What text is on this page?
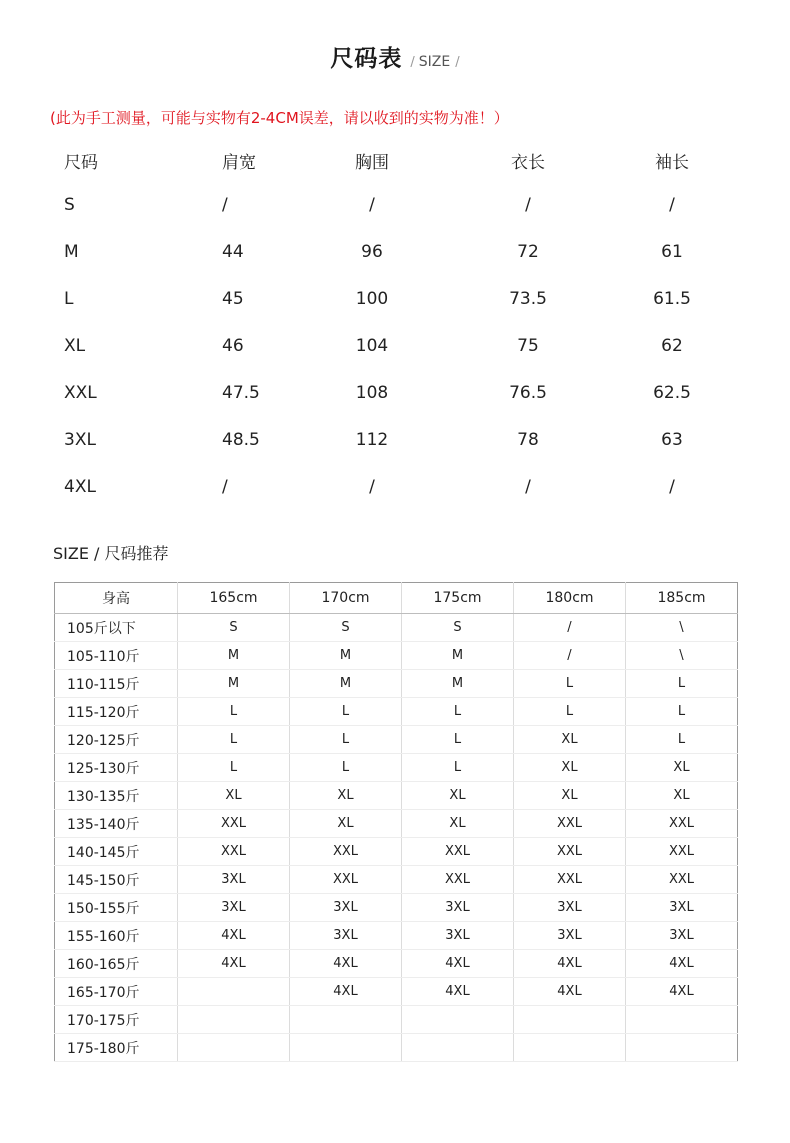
尺码表 / SIZE /
(此为手工测量，可能与实物有2-4CM误差，请以收到的实物为准！）
尺码	肩宽	胸围	衣长	袖长
S	/	/	/	/
M	44	96	72	61
L	45	100	73.5	61.5
XL	46	104	75	62
XXL	47.5	108	76.5	62.5
3XL	48.5	112	78	63
4XL	/	/	/	/
SIZE / 尺码推荐
身高	165cm	170cm	175cm	180cm	185cm
105斤以下	S	S	S	/	\
105-110斤	M	M	M	/	\
110-115斤	M	M	M	L	L
115-120斤	L	L	L	L	L
120-125斤	L	L	L	XL	L
125-130斤	L	L	L	XL	XL
130-135斤	XL	XL	XL	XL	XL
135-140斤	XXL	XL	XL	XXL	XXL
140-145斤	XXL	XXL	XXL	XXL	XXL
145-150斤	3XL	XXL	XXL	XXL	XXL
150-155斤	3XL	3XL	3XL	3XL	3XL
155-160斤	4XL	3XL	3XL	3XL	3XL
160-165斤	4XL	4XL	4XL	4XL	4XL
165-170斤		4XL	4XL	4XL	4XL
170-175斤					
175-180斤					
